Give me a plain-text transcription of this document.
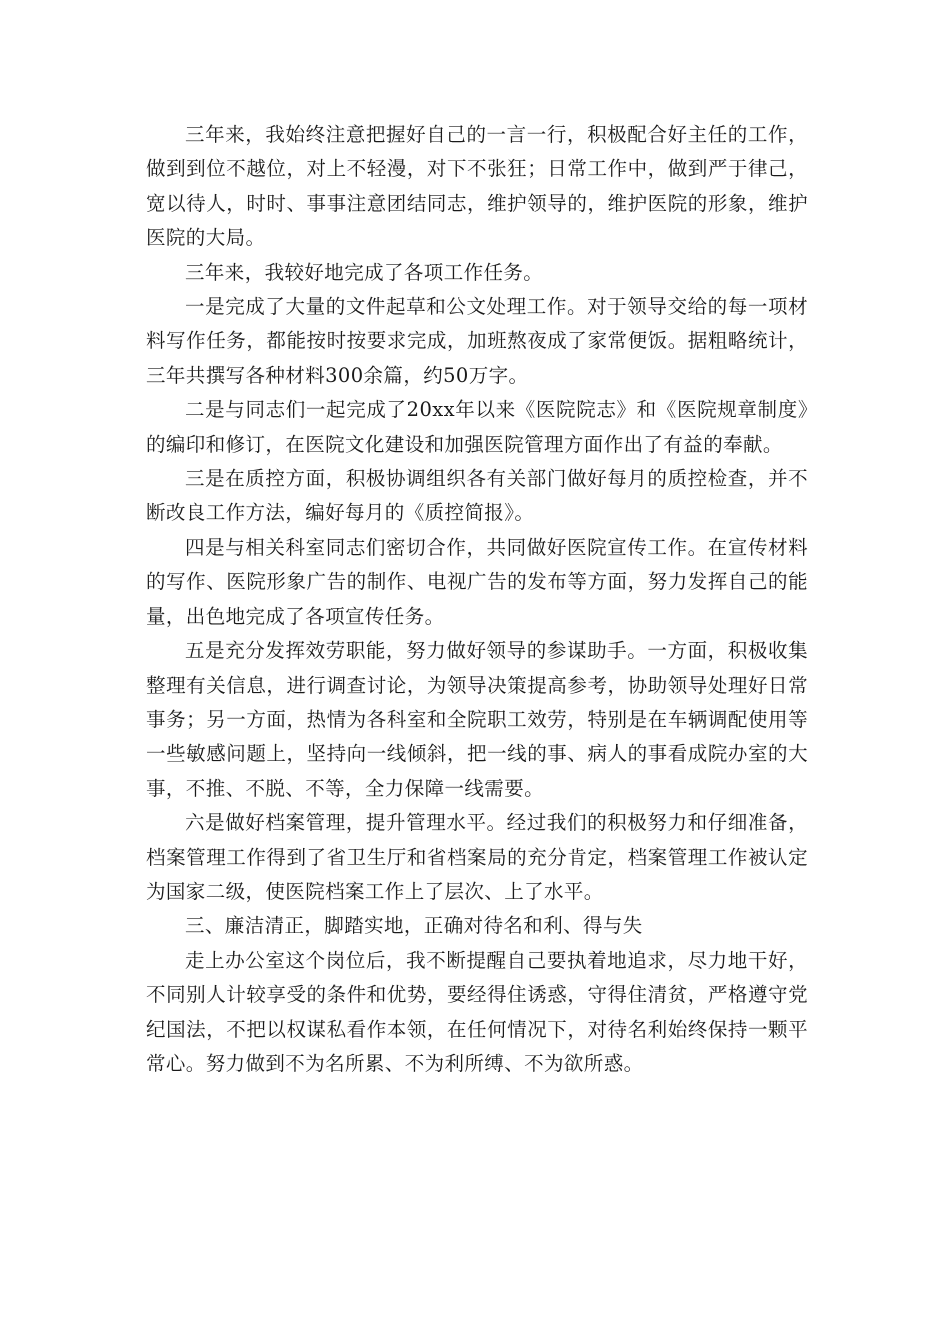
三年来，我始终注意把握好自己的一言一行，积极配合好主任的工作，做到到位不越位，对上不轻漫，对下不张狂；日常工作中，做到严于律己，宽以待人，时时、事事注意团结同志，维护领导的，维护医院的形象，维护医院的大局。

三年来，我较好地完成了各项工作任务。

一是完成了大量的文件起草和公文处理工作。对于领导交给的每一项材料写作任务，都能按时按要求完成，加班熬夜成了家常便饭。据粗略统计，三年共撰写各种材料300余篇，约50万字。

二是与同志们一起完成了20xx年以来《医院院志》和《医院规章制度》的编印和修订，在医院文化建设和加强医院管理方面作出了有益的奉献。

三是在质控方面，积极协调组织各有关部门做好每月的质控检查，并不断改良工作方法，编好每月的《质控简报》。

四是与相关科室同志们密切合作，共同做好医院宣传工作。在宣传材料的写作、医院形象广告的制作、电视广告的发布等方面，努力发挥自己的能量，出色地完成了各项宣传任务。

五是充分发挥效劳职能，努力做好领导的参谋助手。一方面，积极收集整理有关信息，进行调查讨论，为领导决策提高参考，协助领导处理好日常事务；另一方面，热情为各科室和全院职工效劳，特别是在车辆调配使用等一些敏感问题上，坚持向一线倾斜，把一线的事、病人的事看成院办室的大事，不推、不脱、不等，全力保障一线需要。

六是做好档案管理，提升管理水平。经过我们的积极努力和仔细准备，档案管理工作得到了省卫生厅和省档案局的充分肯定，档案管理工作被认定为国家二级，使医院档案工作上了层次、上了水平。

三、廉洁清正，脚踏实地，正确对待名和利、得与失

走上办公室这个岗位后，我不断提醒自己要执着地追求，尽力地干好，不同别人计较享受的条件和优势，要经得住诱惑，守得住清贫，严格遵守党纪国法，不把以权谋私看作本领，在任何情况下，对待名利始终保持一颗平常心。努力做到不为名所累、不为利所缚、不为欲所惑。
